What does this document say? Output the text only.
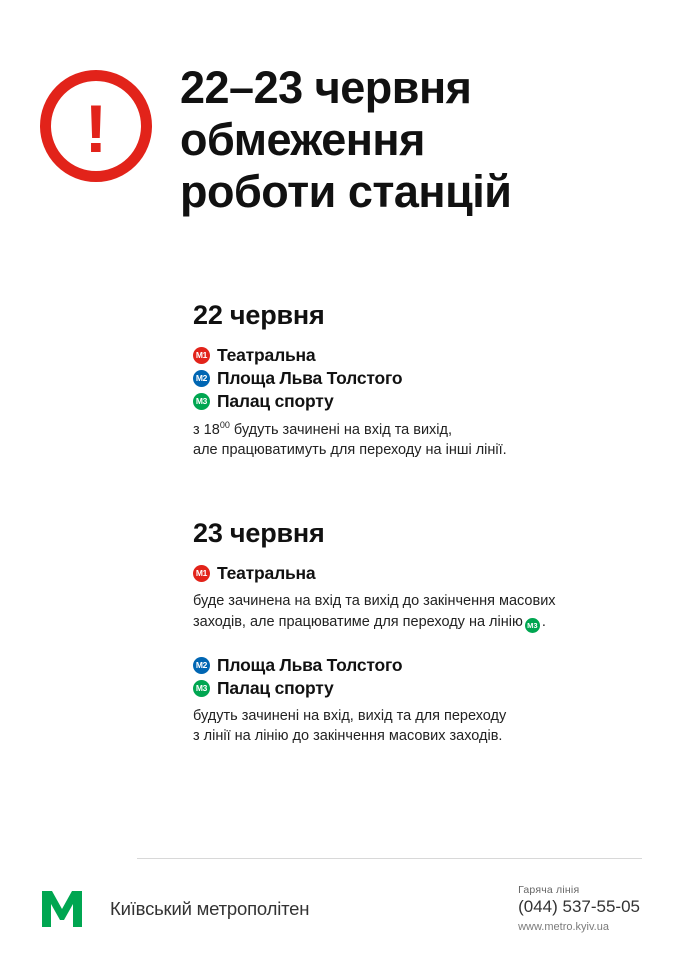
!
22–23 червня
обмеження
роботи станцій
22 червня
М1 Театральна
М2 Площа Льва Толстого
М3 Палац спорту
з $18^{00}$ будуть зачинені на вхід та вихід,
але працюватимуть для переходу на інші лінії.
23 червня
М1 Театральна
буде зачинена на вхід та вихід до закінчення масових
заходів, але працюватиме для переходу на лінію М3 .
М2 Площа Льва Толстого
М3 Палац спорту
будуть зачинені на вхід, вихід та для переходу
з лінії на лінію до закінчення масових заходів.
Київський метрополітен
Гаряча лінія
(044) 537-55-05
www.metro.kyiv.ua
